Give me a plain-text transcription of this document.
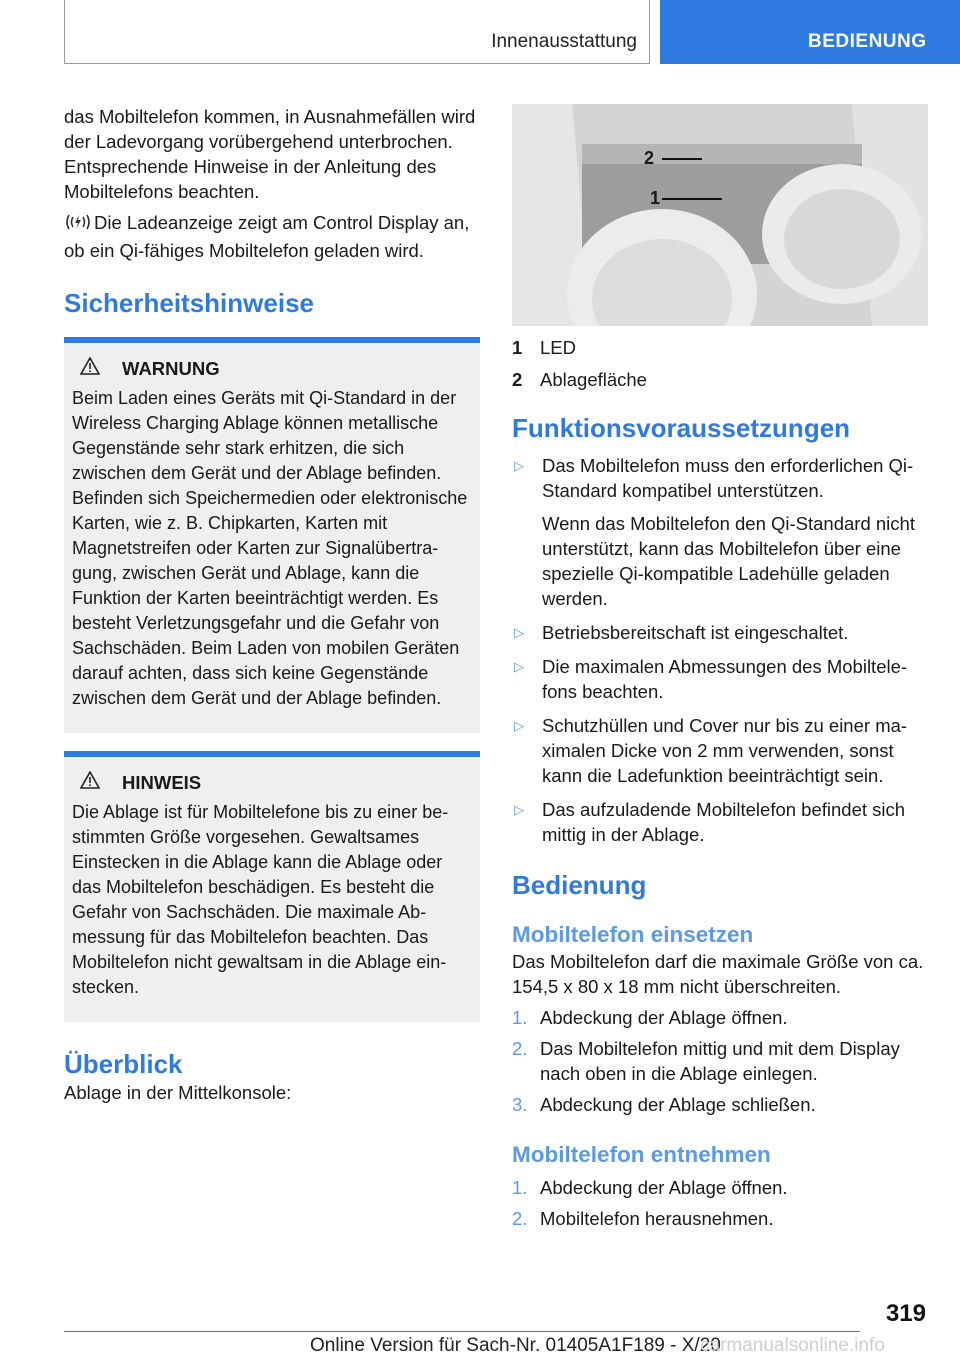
Innenausstattung	BEDIENUNG

das Mobiltelefon kommen, in Ausnahmefällen wird der Ladevorgang vorübergehend unterbrochen. Entsprechende Hinweise in der Anleitung des Mobiltelefons beachten.

Die Ladeanzeige zeigt am Control Display an, ob ein Qi-fähiges Mobiltelefon geladen wird.

Sicherheitshinweise
WARNUNG

Beim Laden eines Geräts mit Qi-Standard in der Wireless Charging Ablage können metallische Gegenstände sehr stark erhitzen, die sich zwischen dem Gerät und der Ablage befinden. Befinden sich Speichermedien oder elektronische Karten, wie z. B. Chipkarten, Karten mit Magnetstreifen oder Karten zur Signalübertragung, zwischen Gerät und Ablage, kann die Funktion der Karten beeinträchtigt werden. Es besteht Verletzungsgefahr und die Gefahr von Sachschäden. Beim Laden von mobilen Geräten darauf achten, dass sich keine Gegenstände zwischen dem Gerät und der Ablage befinden.

HINWEIS

Die Ablage ist für Mobiltelefone bis zu einer bestimmten Größe vorgesehen. Gewaltsames Einstecken in die Ablage kann die Ablage oder das Mobiltelefon beschädigen. Es besteht die Gefahr von Sachschäden. Die maximale Abmessung für das Mobiltelefon beachten. Das Mobiltelefon nicht gewaltsam in die Ablage einstecken.

Überblick

Ablage in der Mittelkonsole:

2
1
1 LED
2 Ablagefläche
Funktionsvoraussetzungen
▷ Das Mobiltelefon muss den erforderlichen Qi-Standard kompatibel unterstützen.

Wenn das Mobiltelefon den Qi-Standard nicht unterstützt, kann das Mobiltelefon über eine spezielle Qi-kompatible Ladehülle geladen werden.

▷ Betriebsbereitschaft ist eingeschaltet.

▷ Die maximalen Abmessungen des Mobiltelefons beachten.

▷ Schutzhüllen und Cover nur bis zu einer maximalen Dicke von 2 mm verwenden, sonst kann die Ladefunktion beeinträchtigt sein.

▷ Das aufzuladende Mobiltelefon befindet sich mittig in der Ablage.

Bedienung
Mobiltelefon einsetzen

Das Mobiltelefon darf die maximale Größe von ca. 154,5 x 80 x 18 mm nicht überschreiten.

1. Abdeckung der Ablage öffnen.

2. Das Mobiltelefon mittig und mit dem Display nach oben in die Ablage einlegen.

3. Abdeckung der Ablage schließen.

Mobiltelefon entnehmen
1. Abdeckung der Ablage öffnen.

2. Mobiltelefon herausnehmen.

319
Online Version für Sach-Nr. 01405A1F189 - X/20
carmanualsonline.info
